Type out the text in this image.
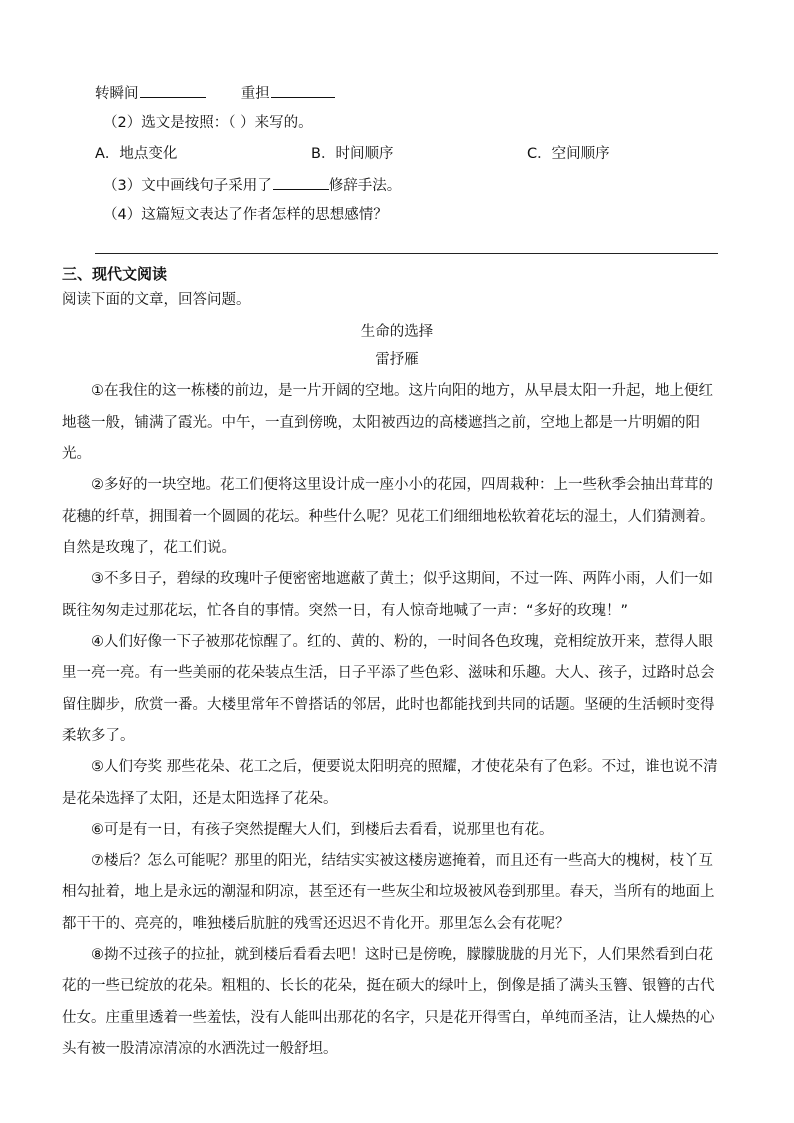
转瞬间	重担
（2）选文是按照：（ ）来写的。
A．地点变化	B．时间顺序	C．空间顺序
（3）文中画线句子采用了	修辞手法。
（4）这篇短文表达了作者怎样的思想感情？
三、现代文阅读
阅读下面的文章，回答问题。
生命的选择
雷抒雁
　　①在我住的这一栋楼的前边，是一片开阔的空地。这片向阳的地方，从早晨太阳一升起，地上便红
地毯一般，铺满了霞光。中午，一直到傍晚，太阳被西边的高楼遮挡之前，空地上都是一片明媚的阳
光。
　　②多好的一块空地。花工们便将这里设计成一座小小的花园，四周栽种：上一些秋季会抽出茸茸的
花穗的纤草，拥围着一个圆圆的花坛。种些什么呢？见花工们细细地松软着花坛的湿土，人们猜测着。
自然是玫瑰了，花工们说。
　　③不多日子，碧绿的玫瑰叶子便密密地遮蔽了黄土；似乎这期间，不过一阵、两阵小雨，人们一如
既往匆匆走过那花坛，忙各自的事情。突然一日，有人惊奇地喊了一声：“多好的玫瑰！”
　　④人们好像一下子被那花惊醒了。红的、黄的、粉的，一时间各色玫瑰，竞相绽放开来，惹得人眼
里一亮一亮。有一些美丽的花朵装点生活，日子平添了些色彩、滋味和乐趣。大人、孩子，过路时总会
留住脚步，欣赏一番。大楼里常年不曾搭话的邻居，此时也都能找到共同的话题。坚硬的生活顿时变得
柔软多了。
　　⑤人们夸奖 那些花朵、花工之后，便要说太阳明亮的照耀，才使花朵有了色彩。不过，谁也说不清
是花朵选择了太阳，还是太阳选择了花朵。
　　⑥可是有一日，有孩子突然提醒大人们，到楼后去看看，说那里也有花。
　　⑦楼后？怎么可能呢？那里的阳光，结结实实被这楼房遮掩着，而且还有一些高大的槐树，枝丫互
相勾扯着，地上是永远的潮湿和阴凉，甚至还有一些灰尘和垃圾被风卷到那里。春天，当所有的地面上
都干干的、亮亮的，唯独楼后肮脏的残雪还迟迟不肯化开。那里怎么会有花呢？
　　⑧拗不过孩子的拉扯，就到楼后看看去吧！这时已是傍晚，朦朦胧胧的月光下，人们果然看到白花
花的一些已绽放的花朵。粗粗的、长长的花朵，挺在硕大的绿叶上，倒像是插了满头玉簪、银簪的古代
仕女。庄重里透着一些羞怯，没有人能叫出那花的名字，只是花开得雪白，单纯而圣洁，让人燥热的心
头有被一股清凉清凉的水洒洗过一般舒坦。
